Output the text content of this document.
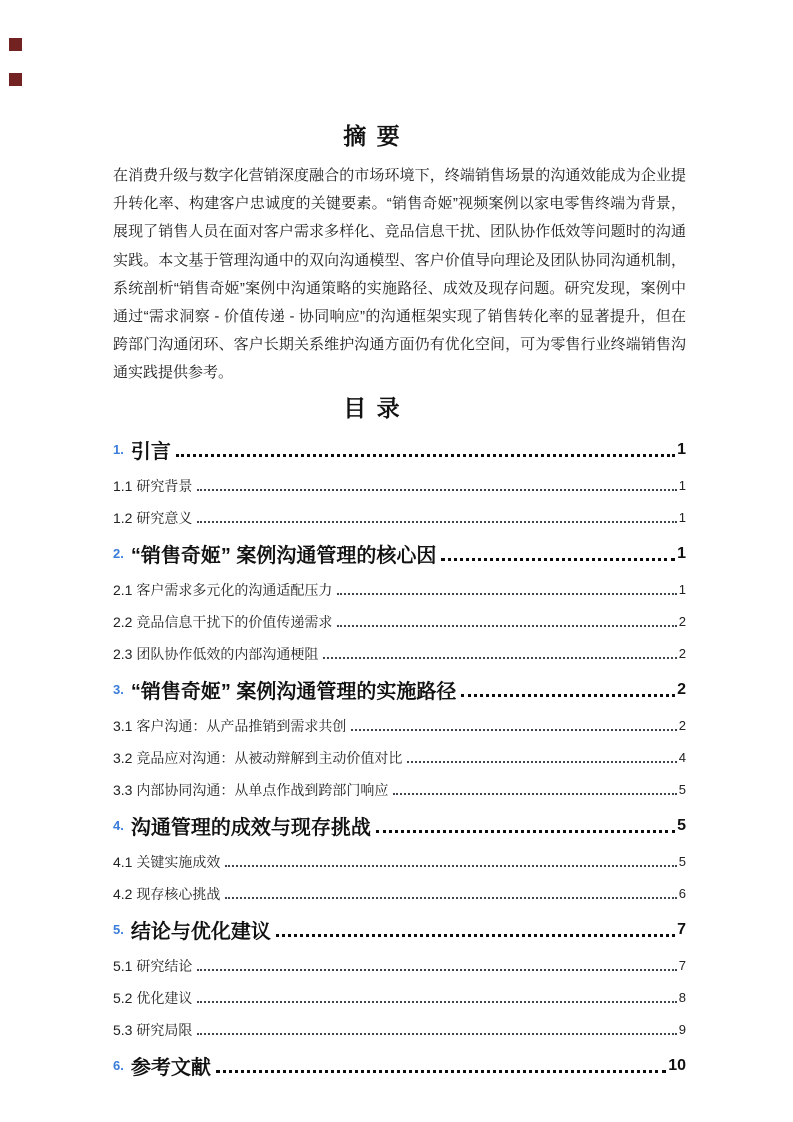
摘 要

在消费升级与数字化营销深度融合的市场环境下，终端销售场景的沟通效能成为企业提升转化率、构建客户忠诚度的关键要素。“销售奇姬”视频案例以家电零售终端为背景，展现了销售人员在面对客户需求多样化、竞品信息干扰、团队协作低效等问题时的沟通实践。本文基于管理沟通中的双向沟通模型、客户价值导向理论及团队协同沟通机制，系统剖析“销售奇姬”案例中沟通策略的实施路径、成效及现存问题。研究发现，案例中通过“需求洞察 - 价值传递 - 协同响应”的沟通框架实现了销售转化率的显著提升，但在跨部门沟通闭环、客户长期关系维护沟通方面仍有优化空间，可为零售行业终端销售沟通实践提供参考。

目 录
1. 引言	1
1.1 研究背景	1
1.2 研究意义	1
2. “销售奇姬” 案例沟通管理的核心因	1
2.1 客户需求多元化的沟通适配压力	1
2.2 竞品信息干扰下的价值传递需求	2
2.3 团队协作低效的内部沟通梗阻	2
3. “销售奇姬” 案例沟通管理的实施路径	2
3.1 客户沟通：从产品推销到需求共创	2
3.2 竞品应对沟通：从被动辩解到主动价值对比	4
3.3 内部协同沟通：从单点作战到跨部门响应	5
4. 沟通管理的成效与现存挑战	5
4.1 关键实施成效	5
4.2 现存核心挑战	6
5. 结论与优化建议	7
5.1 研究结论	7
5.2 优化建议	8
5.3 研究局限	9
6. 参考文献	10
